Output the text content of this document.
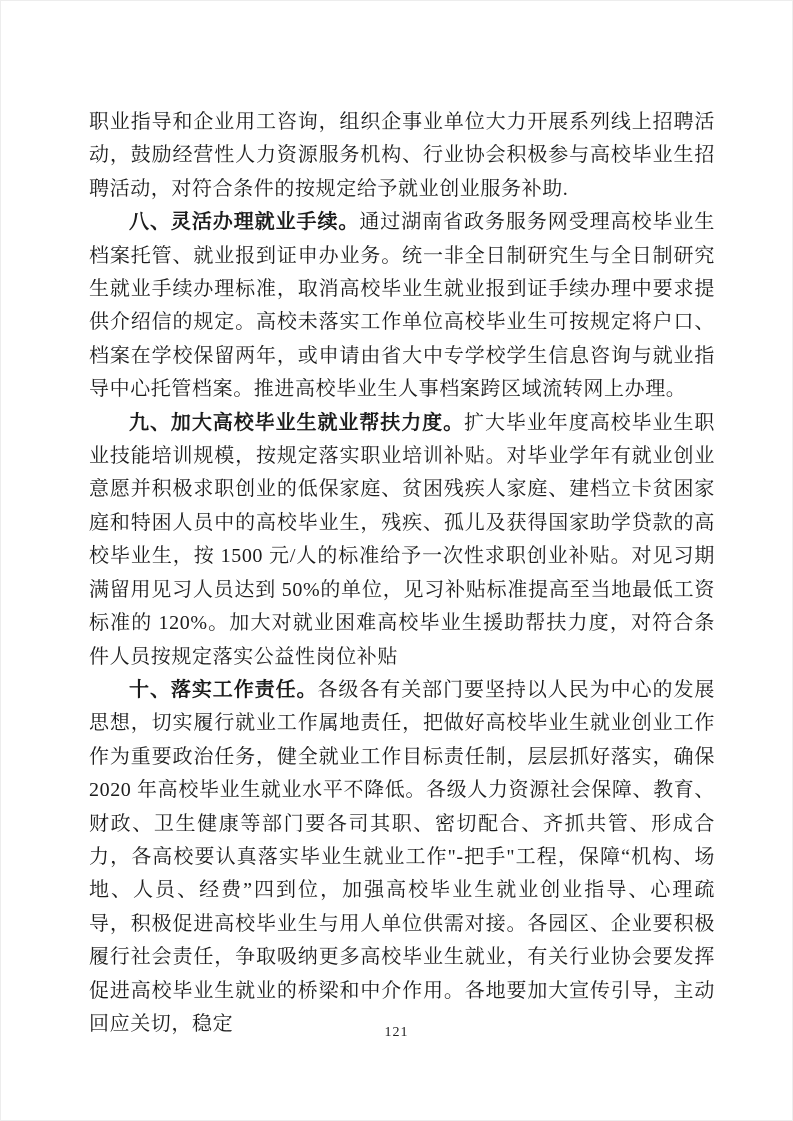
职业指导和企业用工咨询，组织企事业单位大力开展系列线上招聘活动，鼓励经营性人力资源服务机构、行业协会积极参与高校毕业生招聘活动，对符合条件的按规定给予就业创业服务补助.

八、灵活办理就业手续。通过湖南省政务服务网受理高校毕业生档案托管、就业报到证申办业务。统一非全日制研究生与全日制研究生就业手续办理标准，取消高校毕业生就业报到证手续办理中要求提供介绍信的规定。高校未落实工作单位高校毕业生可按规定将户口、档案在学校保留两年，或申请由省大中专学校学生信息咨询与就业指导中心托管档案。推进高校毕业生人事档案跨区域流转网上办理。

九、加大高校毕业生就业帮扶力度。扩大毕业年度高校毕业生职业技能培训规模，按规定落实职业培训补贴。对毕业学年有就业创业意愿并积极求职创业的低保家庭、贫困残疾人家庭、建档立卡贫困家庭和特困人员中的高校毕业生，残疾、孤儿及获得国家助学贷款的高校毕业生，按 1500 元/人的标准给予一次性求职创业补贴。对见习期满留用见习人员达到 50%的单位，见习补贴标准提高至当地最低工资标准的 120%。加大对就业困难高校毕业生援助帮扶力度，对符合条件人员按规定落实公益性岗位补贴

十、落实工作责任。各级各有关部门要坚持以人民为中心的发展思想，切实履行就业工作属地责任，把做好高校毕业生就业创业工作作为重要政治任务，健全就业工作目标责任制，层层抓好落实，确保 2020 年高校毕业生就业水平不降低。各级人力资源社会保障、教育、财政、卫生健康等部门要各司其职、密切配合、齐抓共管、形成合力，各高校要认真落实毕业生就业工作"-把手"工程，保障“机构、场地、人员、经费”四到位，加强高校毕业生就业创业指导、心理疏导，积极促进高校毕业生与用人单位供需对接。各园区、企业要积极履行社会责任，争取吸纳更多高校毕业生就业，有关行业协会要发挥促进高校毕业生就业的桥梁和中介作用。各地要加大宣传引导，主动回应关切，稳定	121
